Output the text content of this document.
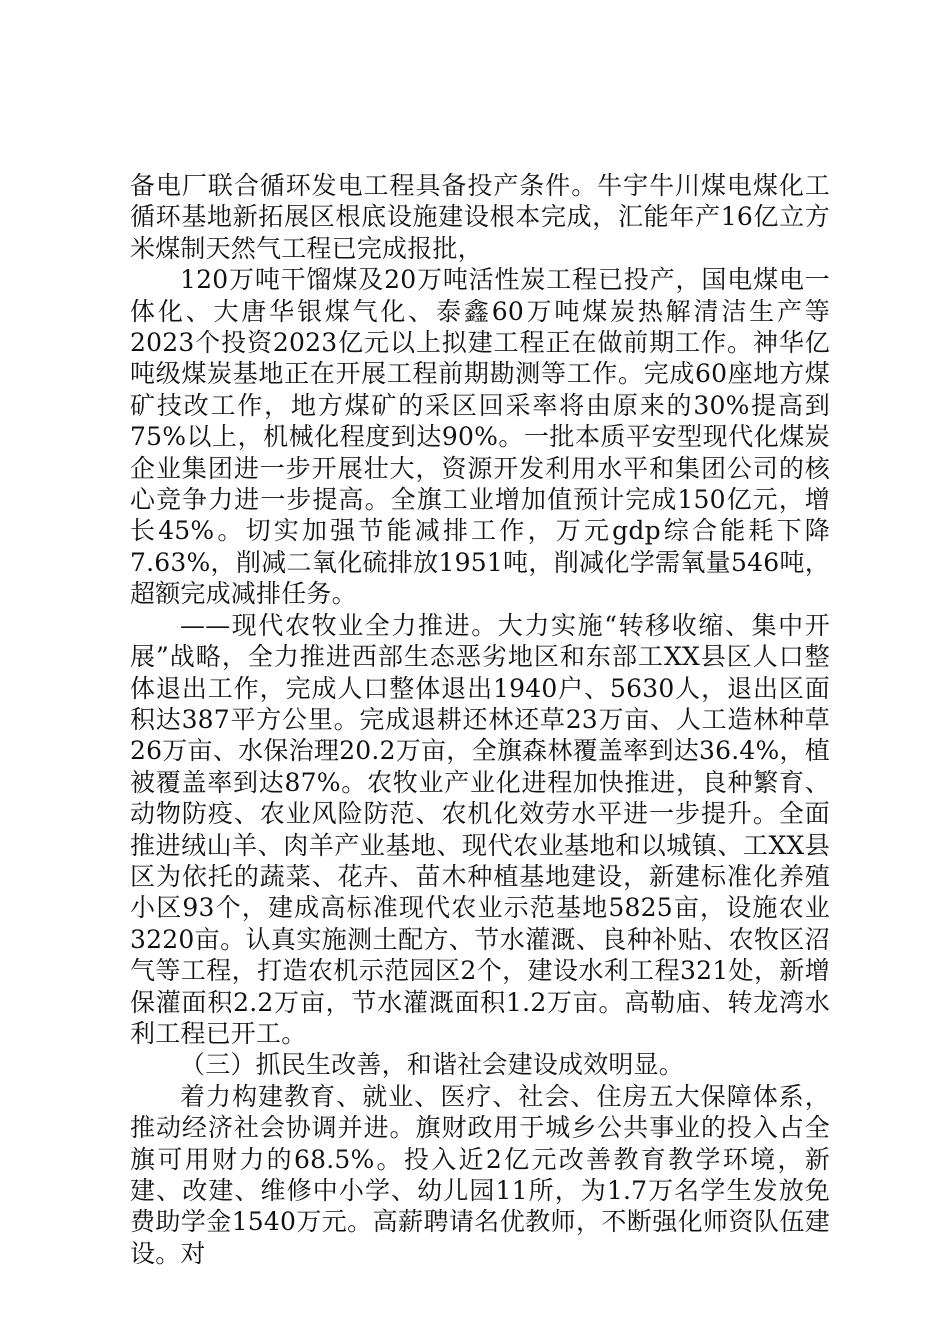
备电厂联合循环发电工程具备投产条件。牛宇牛川煤电煤化工循环基地新拓展区根底设施建设根本完成，汇能年产16亿立方米煤制天然气工程已完成报批，

120万吨干馏煤及20万吨活性炭工程已投产，国电煤电一体化、大唐华银煤气化、泰鑫60万吨煤炭热解清洁生产等2023个投资2023亿元以上拟建工程正在做前期工作。神华亿吨级煤炭基地正在开展工程前期勘测等工作。完成60座地方煤矿技改工作，地方煤矿的采区回采率将由原来的30%提高到75%以上，机械化程度到达90%。一批本质平安型现代化煤炭企业集团进一步开展壮大，资源开发利用水平和集团公司的核心竞争力进一步提高。全旗工业增加值预计完成150亿元，增长45%。切实加强节能减排工作，万元gdp综合能耗下降7.63%，削减二氧化硫排放1951吨，削减化学需氧量546吨，超额完成减排任务。

——现代农牧业全力推进。大力实施“转移收缩、集中开展”战略，全力推进西部生态恶劣地区和东部工XX县区人口整体退出工作，完成人口整体退出1940户、5630人，退出区面积达387平方公里。完成退耕还林还草23万亩、人工造林种草26万亩、水保治理20.2万亩，全旗森林覆盖率到达36.4%，植被覆盖率到达87%。农牧业产业化进程加快推进，良种繁育、动物防疫、农业风险防范、农机化效劳水平进一步提升。全面推进绒山羊、肉羊产业基地、现代农业基地和以城镇、工XX县区为依托的蔬菜、花卉、苗木种植基地建设，新建标准化养殖小区93个，建成高标准现代农业示范基地5825亩，设施农业3220亩。认真实施测土配方、节水灌溉、良种补贴、农牧区沼气等工程，打造农机示范园区2个，建设水利工程321处，新增保灌面积2.2万亩，节水灌溉面积1.2万亩。高勒庙、转龙湾水利工程已开工。

（三）抓民生改善，和谐社会建设成效明显。

着力构建教育、就业、医疗、社会、住房五大保障体系，推动经济社会协调并进。旗财政用于城乡公共事业的投入占全旗可用财力的68.5%。投入近2亿元改善教育教学环境，新建、改建、维修中小学、幼儿园11所，为1.7万名学生发放免费助学金1540万元。高薪聘请名优教师，不断强化师资队伍建设。对
